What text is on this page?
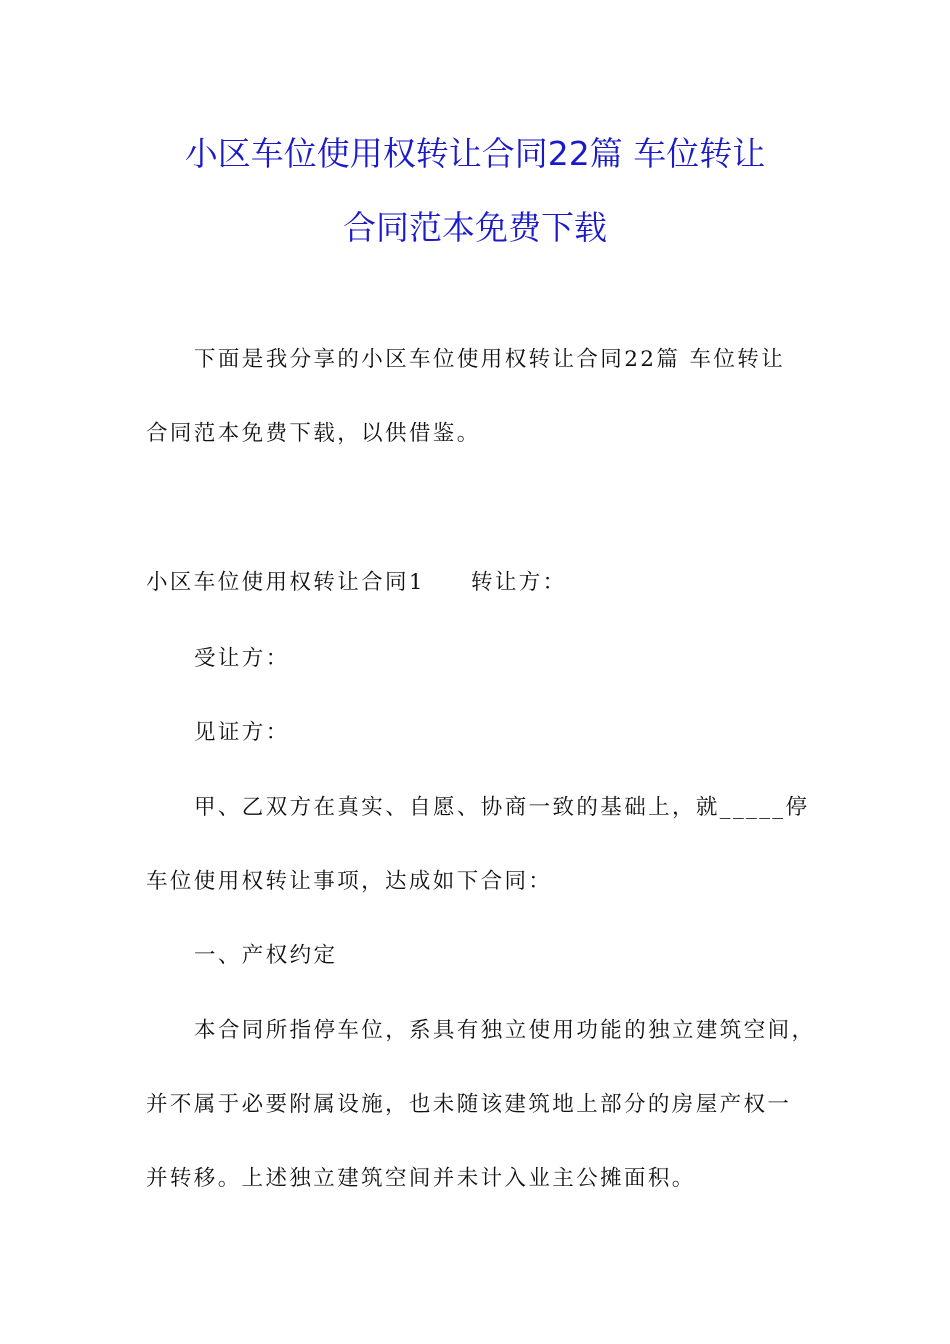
小区车位使用权转让合同22篇 车位转让
合同范本免费下载

下面是我分享的小区车位使用权转让合同22篇 车位转让

合同范本免费下载，以供借鉴。

小区车位使用权转让合同1 转让方：

受让方：

见证方：

甲、乙双方在真实、自愿、协商一致的基础上，就_____停

车位使用权转让事项，达成如下合同：

一、产权约定

本合同所指停车位，系具有独立使用功能的独立建筑空间，

并不属于必要附属设施，也未随该建筑地上部分的房屋产权一

并转移。上述独立建筑空间并未计入业主公摊面积。
